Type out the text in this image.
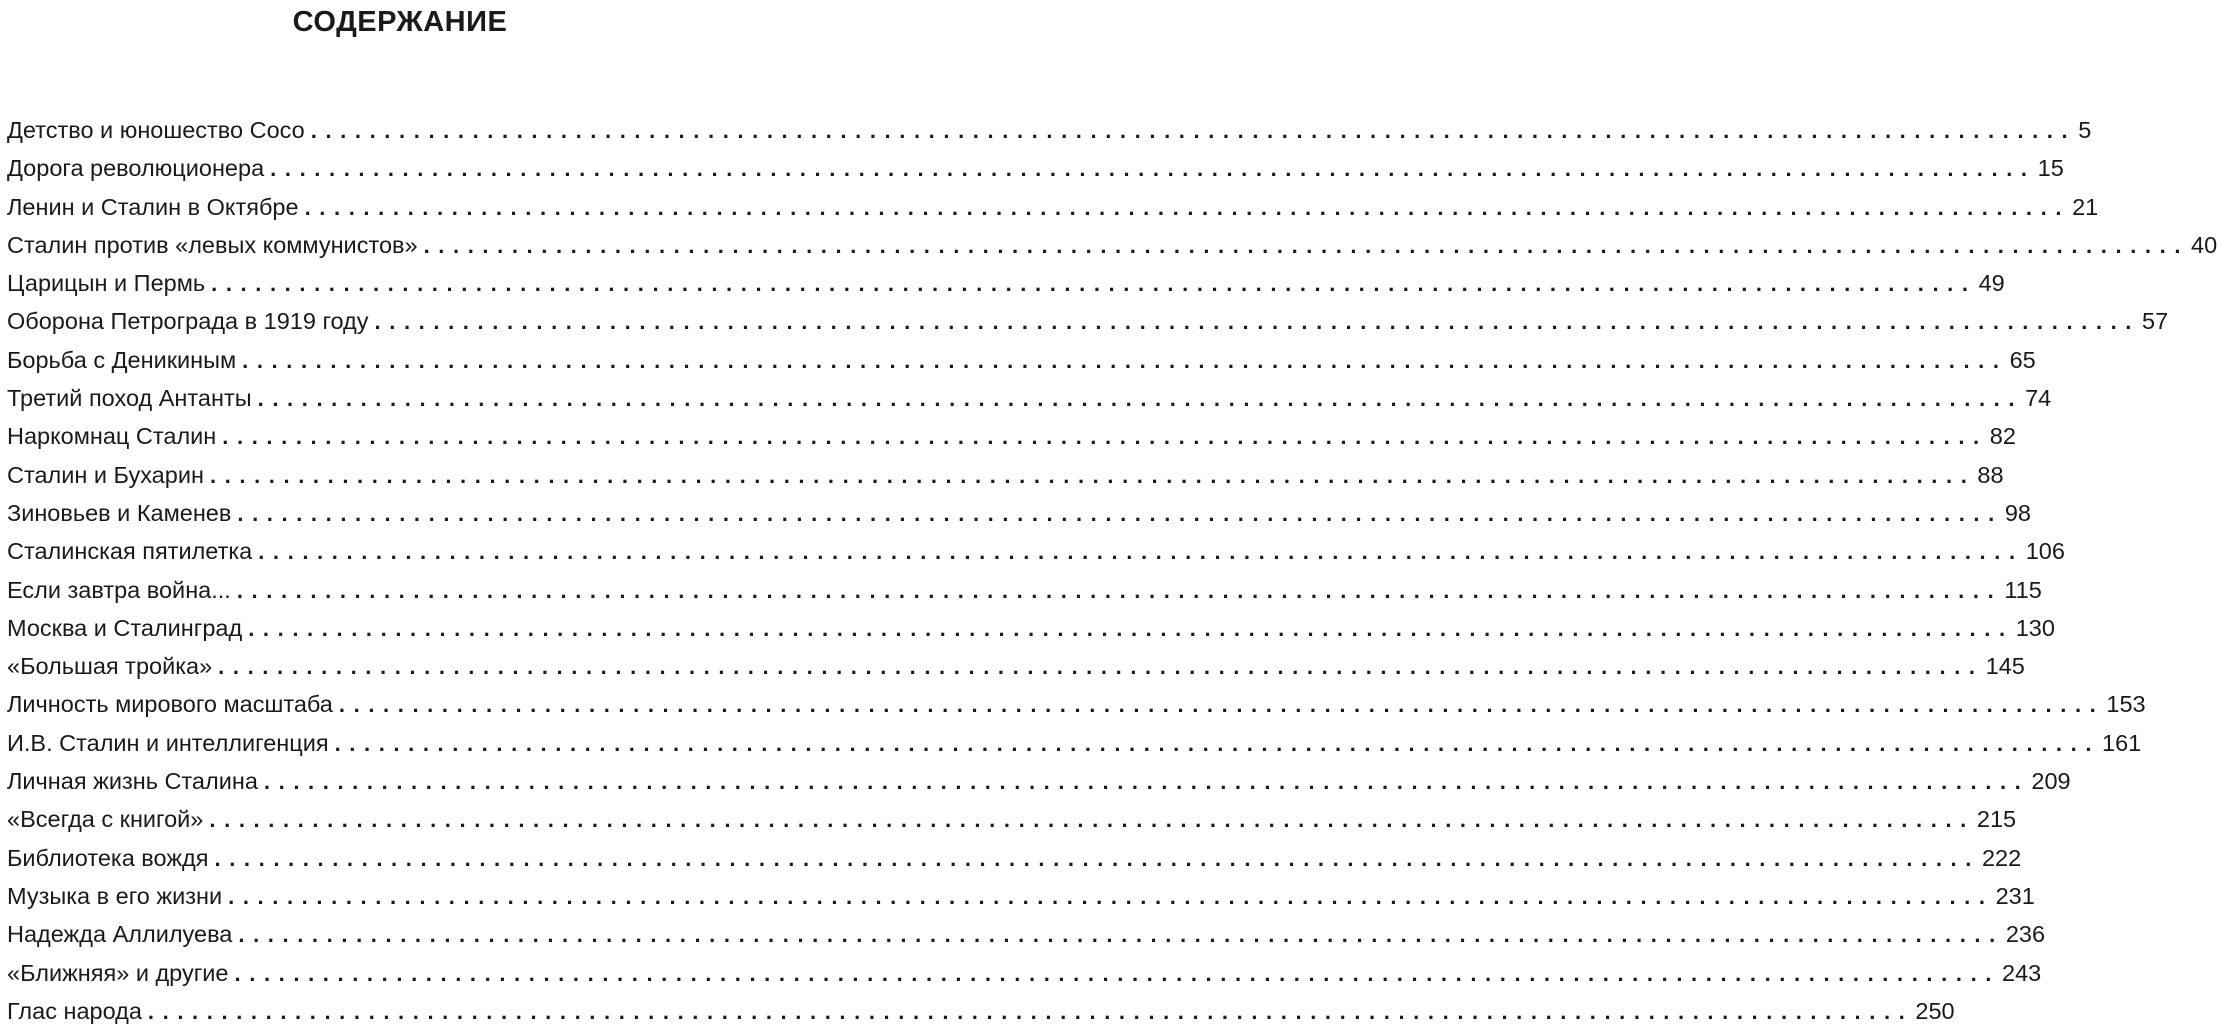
СОДЕРЖАНИЕ
Детство и юношество Сосо ........................................................................................................................ 5
Дорога революционера ........................................................................................................................ 15
Ленин и Сталин в Октябре ........................................................................................................................ 21
Сталин против «левых коммунистов» ........................................................................................................................ 40
Царицын и Пермь ........................................................................................................................ 49
Оборона Петрограда в 1919 году ........................................................................................................................ 57
Борьба с Деникиным ........................................................................................................................ 65
Третий поход Антанты ........................................................................................................................ 74
Наркомнац Сталин ........................................................................................................................ 82
Сталин и Бухарин ........................................................................................................................ 88
Зиновьев и Каменев ........................................................................................................................ 98
Сталинская пятилетка ........................................................................................................................ 106
Если завтра война... ........................................................................................................................ 115
Москва и Сталинград ........................................................................................................................ 130
«Большая тройка» ........................................................................................................................ 145
Личность мирового масштаба ........................................................................................................................ 153
И.В. Сталин и интеллигенция ........................................................................................................................ 161
Личная жизнь Сталина ........................................................................................................................ 209
«Всегда с книгой» ........................................................................................................................ 215
Библиотека вождя ........................................................................................................................ 222
Музыка в его жизни ........................................................................................................................ 231
Надежда Аллилуева ........................................................................................................................ 236
«Ближняя» и другие ........................................................................................................................ 243
Глас народа ........................................................................................................................ 250
